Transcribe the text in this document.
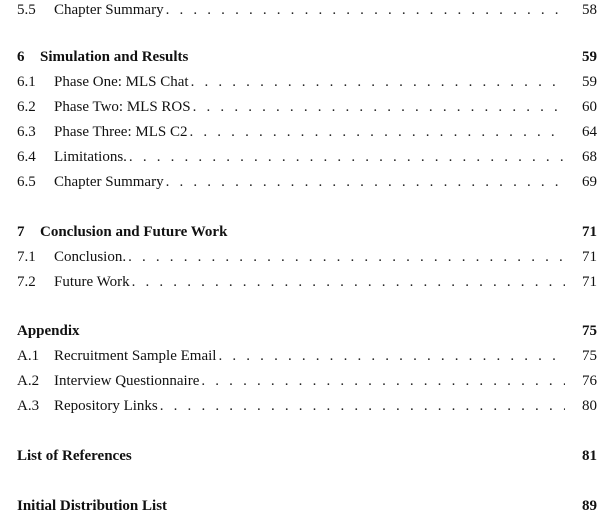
5.5	Chapter Summary . . .	58
6	Simulation and Results	59
6.1	Phase One: MLS Chat . . .	59
6.2	Phase Two: MLS ROS . . .	60
6.3	Phase Three: MLS C2 . . .	64
6.4	Limitations. . . .	68
6.5	Chapter Summary . . .	69
7	Conclusion and Future Work	71
7.1	Conclusion. . . .	71
7.2	Future Work . . .	71
Appendix	75
A.1 Recruitment Sample Email . . .	75
A.2 Interview Questionnaire . . .	76
A.3 Repository Links . . .	80
List of References	81
Initial Distribution List	89
